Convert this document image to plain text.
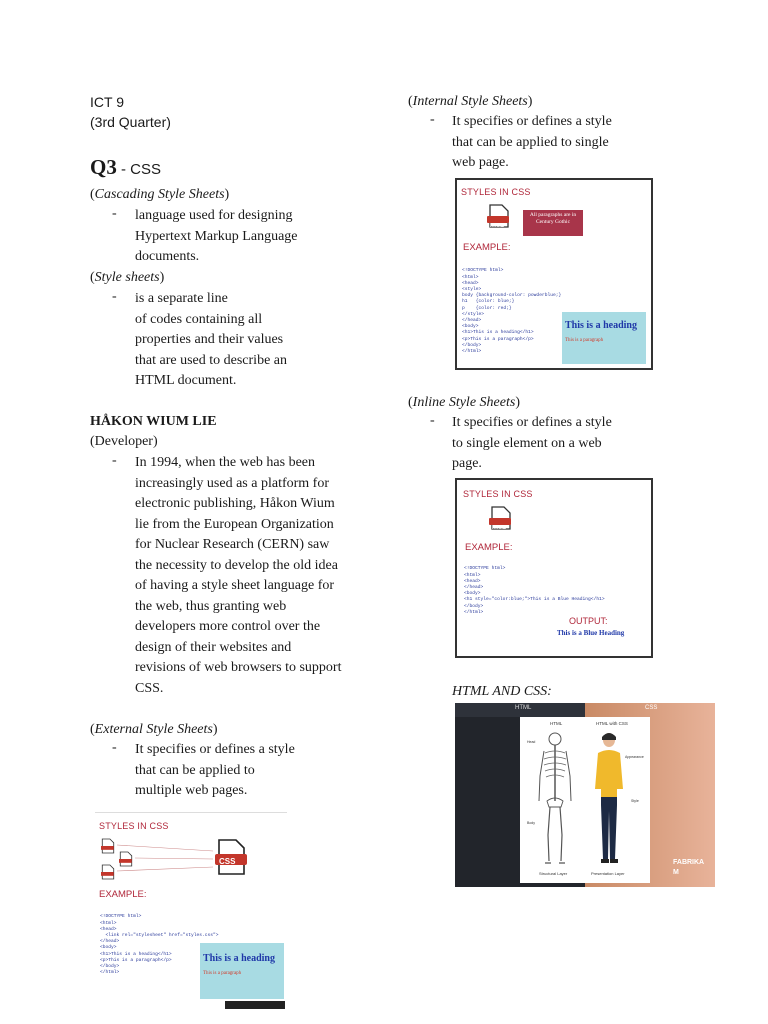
ICT 9
(3rd Quarter)
Q3 - CSS
(Cascading Style Sheets)
- language used for designing
Hypertext Markup Language
documents.
(Style sheets)
- is a separate line
of codes containing all
properties and their values
that are used to describe an
HTML document.
HÅKON WIUM LIE
(Developer)
- In 1994, when the web has been
increasingly used as a platform for
electronic publishing, Håkon Wium
lie from the European Organization
for Nuclear Research (CERN) saw
the necessity to develop the old idea
of having a style sheet language for
the web, thus granting web
developers more control over the
design of their websites and
revisions of web browsers to support
CSS.
(External Style Sheets)
- It specifies or defines a style
that can be applied to
multiple web pages.
STYLES IN CSS
CSS
EXAMPLE:

<!DOCTYPE html>
<html>
<head>
<link rel="stylesheet" href="styles.css">
</head>
<body>
<h1>This is a heading</h1>
<p>This is a paragraph</p>
</body>
</html>

This is a heading
This is a paragraph
(Internal Style Sheets)
- It specifies or defines a style
that can be applied to single
web page.
STYLES IN CSS
HTML
All paragraphs are in Century Gothic
EXAMPLE:

<!DOCTYPE html>
<html>
<head>
<style>
body {background-color: powderblue;}
h1   {color: blue;}
p    {color: red;}
</style>
</head>
<body>
<h1>This is a heading</h1>
<p>This is a paragraph</p>
</body>
</html>

This is a heading
This is a paragraph
(Inline Style Sheets)
- It specifies or defines a style
to single element on a web
page.
STYLES IN CSS
HTML
EXAMPLE:

<!DOCTYPE html>
<html>
<head>
</head>
<body>
<h1 style="color:blue;">This is a Blue Heading</h1>
</body>
</html>

OUTPUT:
This is a Blue Heading
HTML AND CSS:
HTML	CSS
HTML	HTML with CSS
Head
Body
Appearance
Style
Structural Layer	Presentation Layer
FABRIKA
M
